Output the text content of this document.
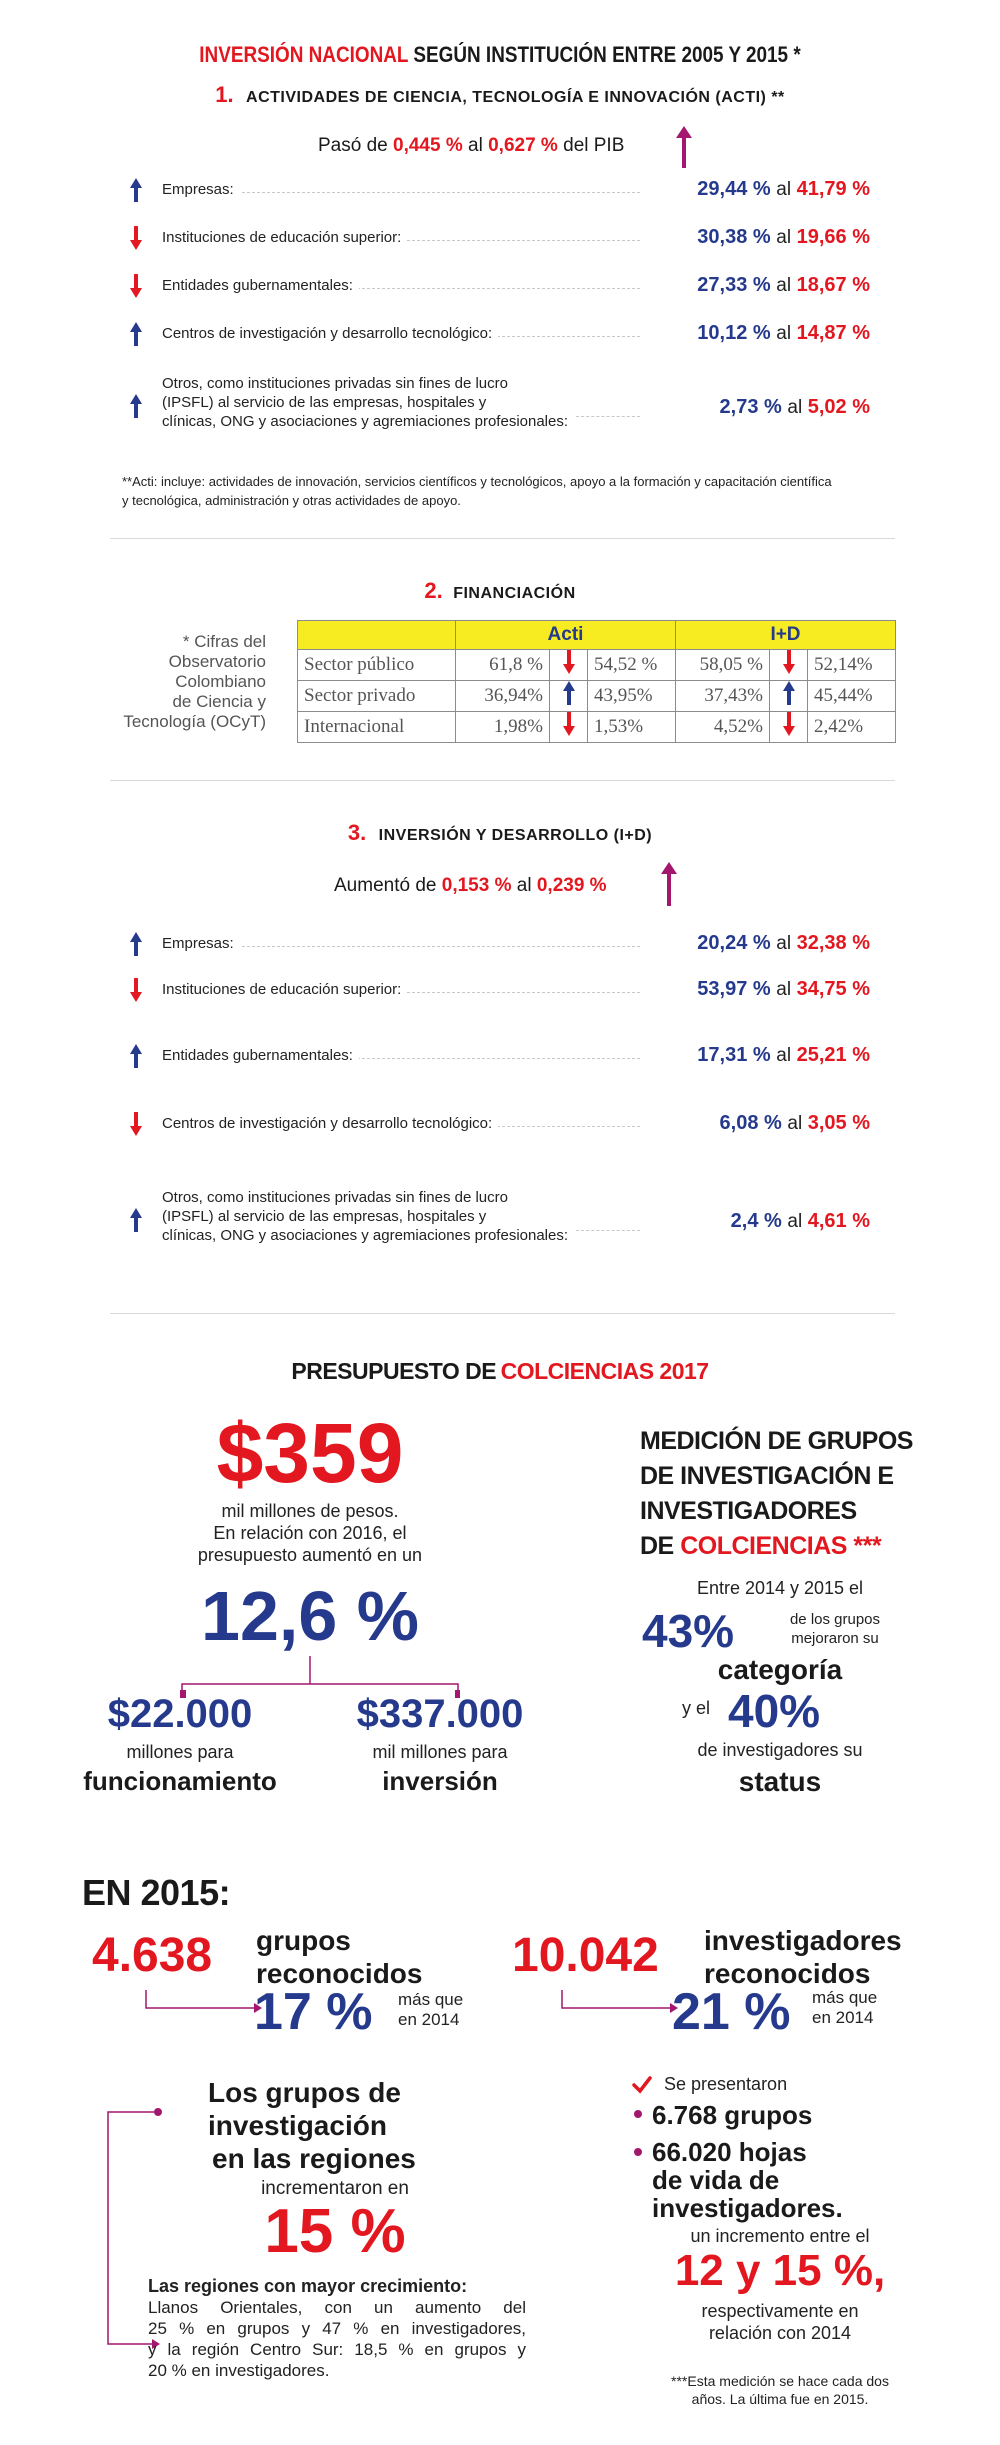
INVERSIÓN NACIONAL SEGÚN INSTITUCIÓN ENTRE 2005 Y 2015 *
1. ACTIVIDADES DE CIENCIA, TECNOLOGÍA E INNOVACIÓN (ACTI) **
Pasó de 0,445 % al 0,627 % del PIB
Empresas:	29,44 % al 41,79 %
Instituciones de educación superior:	30,38 % al 19,66 %
Entidades gubernamentales:	27,33 % al 18,67 %
Centros de investigación y desarrollo tecnológico:	10,12 % al 14,87 %
Otros, como instituciones privadas sin fines de lucro
(IPSFL) al servicio de las empresas, hospitales y
clínicas, ONG y asociaciones y agremiaciones profesionales:
2,73 % al 5,02 %
**Acti: incluye: actividades de innovación, servicios científicos y tecnológicos, apoyo a la formación y capacitación científica
y tecnológica, administración y otras actividades de apoyo.
2. FINANCIACIÓN
* Cifras del
Observatorio
Colombiano
de Ciencia y
Tecnología (OCyT)
	Acti			I+D		
Sector público	61,8 %		54,52 %	58,05 %		52,14%
Sector privado	36,94%		43,95%	37,43%		45,44%
Internacional	1,98%		1,53%	4,52%		2,42%
3. INVERSIÓN Y DESARROLLO (I+D)
Aumentó de 0,153 % al 0,239 %
Empresas:	20,24 % al 32,38 %
Instituciones de educación superior:	53,97 % al 34,75 %
Entidades gubernamentales:	17,31 % al 25,21 %
Centros de investigación y desarrollo tecnológico:	6,08 % al 3,05 %
Otros, como instituciones privadas sin fines de lucro
(IPSFL) al servicio de las empresas, hospitales y
clínicas, ONG y asociaciones y agremiaciones profesionales:
2,4 % al 4,61 %
PRESUPUESTO DE COLCIENCIAS 2017
$359
mil millones de pesos.
En relación con 2016, el
presupuesto aumentó en un
12,6 %
$22.000
millones para
funcionamiento
$337.000
mil millones para
inversión
MEDICIÓN DE GRUPOS
DE INVESTIGACIÓN E
INVESTIGADORES
DE COLCIENCIAS ***
Entre 2014 y 2015 el
43%	de los grupos
mejoraron su
categoría
y el 40%
de investigadores su
status
EN 2015:
4.638 grupos
reconocidos
17 % más que
en 2014
10.042 investigadores
reconocidos
21 % más que
en 2014
Los grupos de
investigación
en las regiones
incrementaron en
15 %
Las regiones con mayor crecimiento:
Llanos Orientales, con un aumento del
25 % en grupos y 47 % en investigadores,
y la región Centro Sur: 18,5 % en grupos y
20 % en investigadores.
Se presentaron
6.768 grupos
66.020 hojas
de vida de
investigadores.
un incremento entre el
12 y 15 %,
respectivamente en
relación con 2014
***Esta medición se hace cada dos
años. La última fue en 2015.
